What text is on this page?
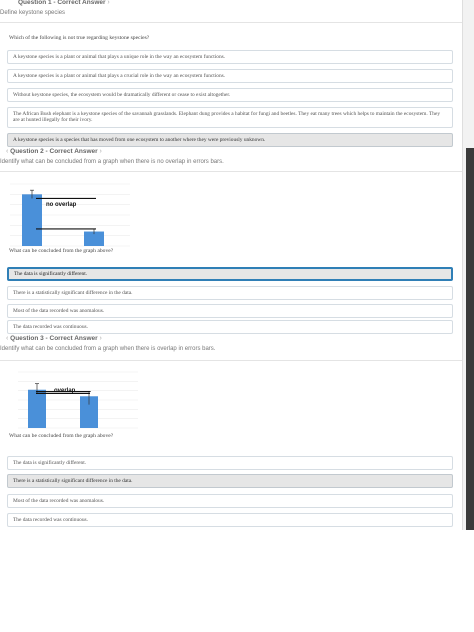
Question 1 - Correct Answer ›
Define keystone species
Which of the following is not true regarding keystone species?
A keystone species is a plant or animal that plays a unique role in the way an ecosystem functions.
A keystone species is a plant or animal that plays a crucial role in the way an ecosystem functions.
Without keystone species, the ecosystem would be dramatically different or cease to exist altogether.
The African Bush elephant is a keystone species of the savannah grasslands. Elephant dung provides a habitat for fungi and beetles. They eat many trees which helps to maintain the ecosystem. They are at hunted illegally for their ivory.
A keystone species is a species that has moved from one ecosystem to another where they were previously unknown.
‹ Question 2 - Correct Answer ›
Identify what can be concluded from a graph when there is no overlap in errors bars.
no overlap
What can be concluded from the graph above?
The data is significantly different.
There is a statistically significant difference in the data.
Most of the data recorded was anomalous.
The data recorded was continuous.
‹ Question 3 - Correct Answer ›
Identify what can be concluded from a graph when there is overlap in errors bars.
overlap
What can be concluded from the graph above?
The data is significantly different.
There is a statistically significant difference in the data.
Most of the data recorded was anomalous.
The data recorded was continuous.
